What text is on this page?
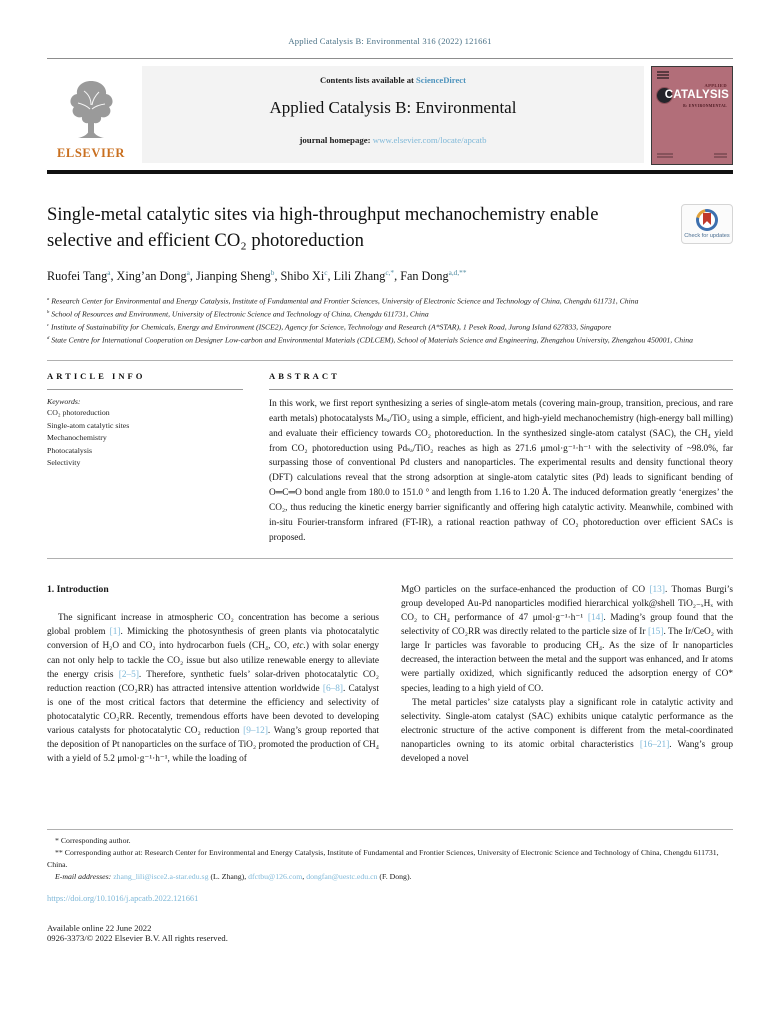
Applied Catalysis B: Environmental 316 (2022) 121661
ELSEVIER
Contents lists available at ScienceDirect
Applied Catalysis B: Environmental
journal homepage: www.elsevier.com/locate/apcatb
APPLIED
CATALYSIS
B: ENVIRONMENTAL
Single-metal catalytic sites via high-throughput mechanochemistry enable selective and efficient CO₂ photoreduction	Check for updates
Ruofei Tang$^a$, Xing’an Dong$^a$, Jianping Sheng$^b$, Shibo Xi$^c$, Lili Zhang$^{c,*}$, Fan Dong$^{a,d,**}$
$^a$ Research Center for Environmental and Energy Catalysis, Institute of Fundamental and Frontier Sciences, University of Electronic Science and Technology of China, Chengdu 611731, China
$^b$ School of Resources and Environment, University of Electronic Science and Technology of China, Chengdu 611731, China
$^c$ Institute of Sustainability for Chemicals, Energy and Environment (ISCE2), Agency for Science, Technology and Research (A*STAR), 1 Pesek Road, Jurong Island 627833, Singapore
$^d$ State Centre for International Cooperation on Designer Low-carbon and Environmental Materials (CDLCEM), School of Materials Science and Engineering, Zhengzhou University, Zhengzhou 450001, China
ARTICLE INFO
Keywords:
CO₂ photoreduction
Single-atom catalytic sites
Mechanochemistry
Photocatalysis
Selectivity
ABSTRACT
In this work, we first report synthesizing a series of single-atom metals (covering main-group, transition, precious, and rare earth metals) photocatalysts Mₛₐ/TiO₂ using a simple, efficient, and high-yield mechanochemistry (high-energy ball milling) and evaluate their efficiency towards CO₂ photoreduction. In the synthesized single-atom catalyst (SAC), the CH₄ yield from CO₂ photoreduction using Pdₛₐ/TiO₂ reaches as high as 271.6 μmol·g⁻¹·h⁻¹ with the selectivity of ~98.0%, far surpassing those of conventional Pd clusters and nanoparticles. The experimental results and density functional theory (DFT) calculations reveal that the strong adsorption at single-atom catalytic sites (Pd) leads to significant bending of O═C═O bond angle from 180.0 to 151.0 ° and length from 1.16 to 1.20 Å. The induced deformation greatly ‘energizes’ the CO₂, thus reducing the kinetic energy barrier significantly and offering high catalytic activity. Meanwhile, combined with in-situ Fourier-transform infrared (FT-IR), a rational reaction pathway of CO₂ photoreduction over efficient SACs is proposed.
1. Introduction

The significant increase in atmospheric CO₂ concentration has become a serious global problem [1]. Mimicking the photosynthesis of green plants via photocatalytic conversion of H₂O and CO₂ into hydrocarbon fuels (CH₄, CO, etc.) with solar energy can not only help to tackle the CO₂ issue but also utilize renewable energy to alleviate the energy crisis [2–5]. Therefore, synthetic fuels’ solar-driven photocatalytic CO₂ reduction reaction (CO₂RR) has attracted intensive attention worldwide [6–8]. Catalyst is one of the most critical factors that determine the efficiency and selectivity of photocatalytic CO₂RR. Recently, tremendous efforts have been devoted to developing various catalysts for photocatalytic CO₂ reduction [9–12]. Wang’s group reported that the deposition of Pt nanoparticles on the surface of TiO₂ promoted the production of CH₄ with a yield of 5.2 μmol·g⁻¹·h⁻¹, while the loading of

MgO particles on the surface-enhanced the production of CO [13]. Thomas Burgi’s group developed Au-Pd nanoparticles modified hierarchical yolk@shell TiO₂₋ₓHₓ with CO₂ to CH₄ performance of 47 μmol·g⁻¹·h⁻¹ [14]. Mading’s group found that the selectivity of CO₂RR was directly related to the particle size of Ir [15]. The Ir/CeO₂ with large Ir particles was favorable to producing CH₄. As the size of Ir nanoparticles decreased, the interaction between the metal and the support was enhanced, and Ir atoms were partially oxidized, which significantly reduced the adsorption energy of CO* species, leading to a high yield of CO.

The metal particles’ size catalysts play a significant role in catalytic activity and selectivity. Single-atom catalyst (SAC) exhibits unique catalytic performance as the electronic structure of the active component is different from the metal-coordinated nanoparticles owning to its atomic orbital characteristics [16–21]. Wang’s group developed a novel

* Corresponding author.
** Corresponding author at: Research Center for Environmental and Energy Catalysis, Institute of Fundamental and Frontier Sciences, University of Electronic Science and Technology of China, Chengdu 611731, China.
E-mail addresses: zhang_lili@isce2.a-star.edu.sg (L. Zhang), dfctbu@126.com, dongfan@uestc.edu.cn (F. Dong).
https://doi.org/10.1016/j.apcatb.2022.121661
Available online 22 June 2022
0926-3373/© 2022 Elsevier B.V. All rights reserved.
